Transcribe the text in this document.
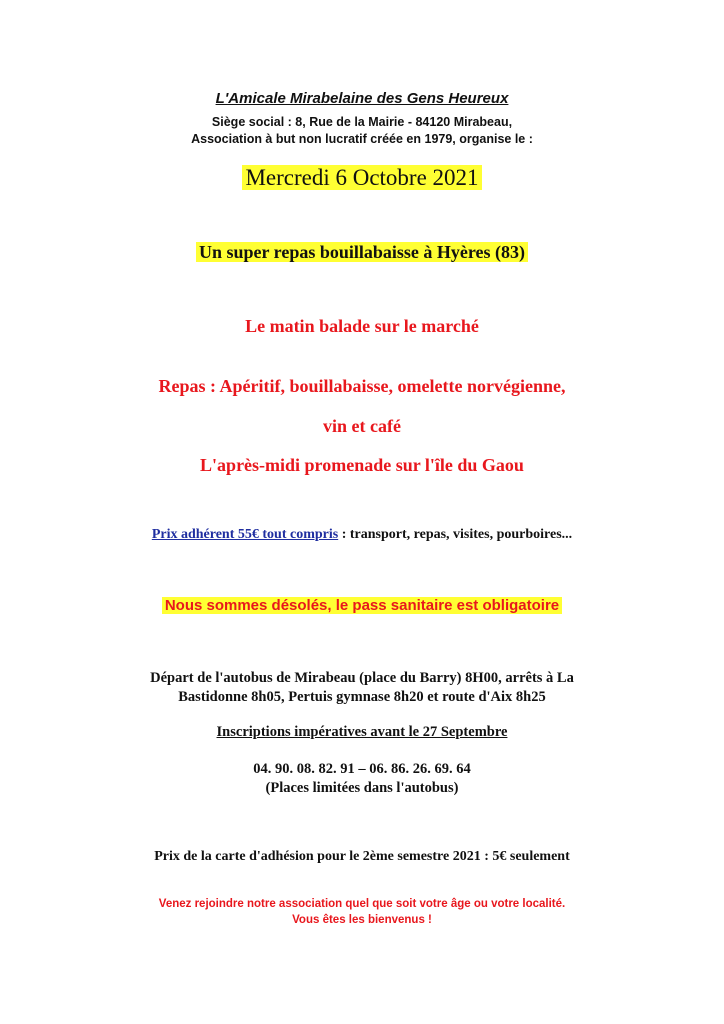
L'Amicale Mirabelaine des Gens Heureux

Siège social : 8, Rue de la Mairie - 84120 Mirabeau,

Association à but non lucratif créée en 1979, organise le :

Mercredi 6 Octobre 2021

Un super repas bouillabaisse à Hyères (83)

Le matin balade sur le marché

Repas : Apéritif, bouillabaisse, omelette norvégienne,

vin et café

L'après-midi promenade sur l'île du Gaou

Prix adhérent 55€ tout compris : transport, repas, visites, pourboires...

Nous sommes désolés, le pass sanitaire est obligatoire

Départ de l'autobus de Mirabeau (place du Barry) 8H00, arrêts à La

Bastidonne 8h05, Pertuis gymnase 8h20 et route d'Aix 8h25

Inscriptions impératives avant le 27 Septembre

04. 90. 08. 82. 91 – 06. 86. 26. 69. 64

(Places limitées dans l'autobus)

Prix de la carte d'adhésion pour le 2ème semestre 2021 : 5€ seulement

Venez rejoindre notre association quel que soit votre âge ou votre localité.

Vous êtes les bienvenus !
